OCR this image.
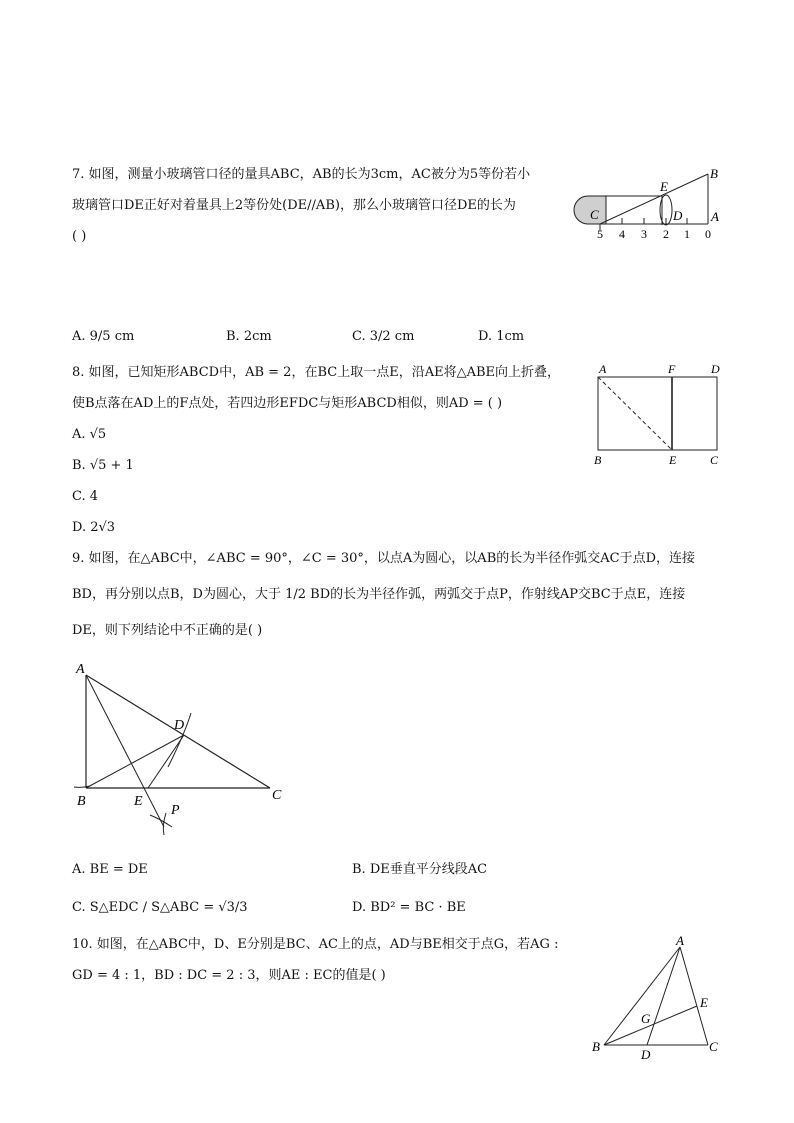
7. 如图，测量小玻璃管口径的量具ABC，AB的长为3cm，AC被分为5等份若小
玻璃管口DE正好对着量具上2等份处(DE//AB)，那么小玻璃管口径DE的长为
( )
B
E
C	D A
5 4 3 2 1 0
A. 9/5 cm	B. 2cm	C. 3/2 cm	D. 1cm
8. 如图，已知矩形ABCD中，AB = 2，在BC上取一点E，沿AE将△ABE向上折叠，
使B点落在AD上的F点处，若四边形EFDC与矩形ABCD相似，则AD = ( )
A. √5
B. √5 + 1
C. 4
D. 2√3
A	F	D
B	E	C
9. 如图，在△ABC中，∠ABC = 90°，∠C = 30°，以点A为圆心，以AB的长为半径作弧交AC于点D，连接
BD，再分别以点B，D为圆心，大于 1/2 BD的长为半径作弧，两弧交于点P，作射线AP交BC于点E，连接
DE，则下列结论中不正确的是( )
A
D
B	E
P
C
A. BE = DE	B. DE垂直平分线段AC
C. S△EDC / S△ABC = √3/3	D. BD² = BC · BE
10. 如图，在△ABC中，D、E分别是BC、AC上的点，AD与BE相交于点G，若AG :
GD = 4 : 1，BD : DC = 2 : 3，则AE : EC的值是( )
A
E
G
B
D
C
